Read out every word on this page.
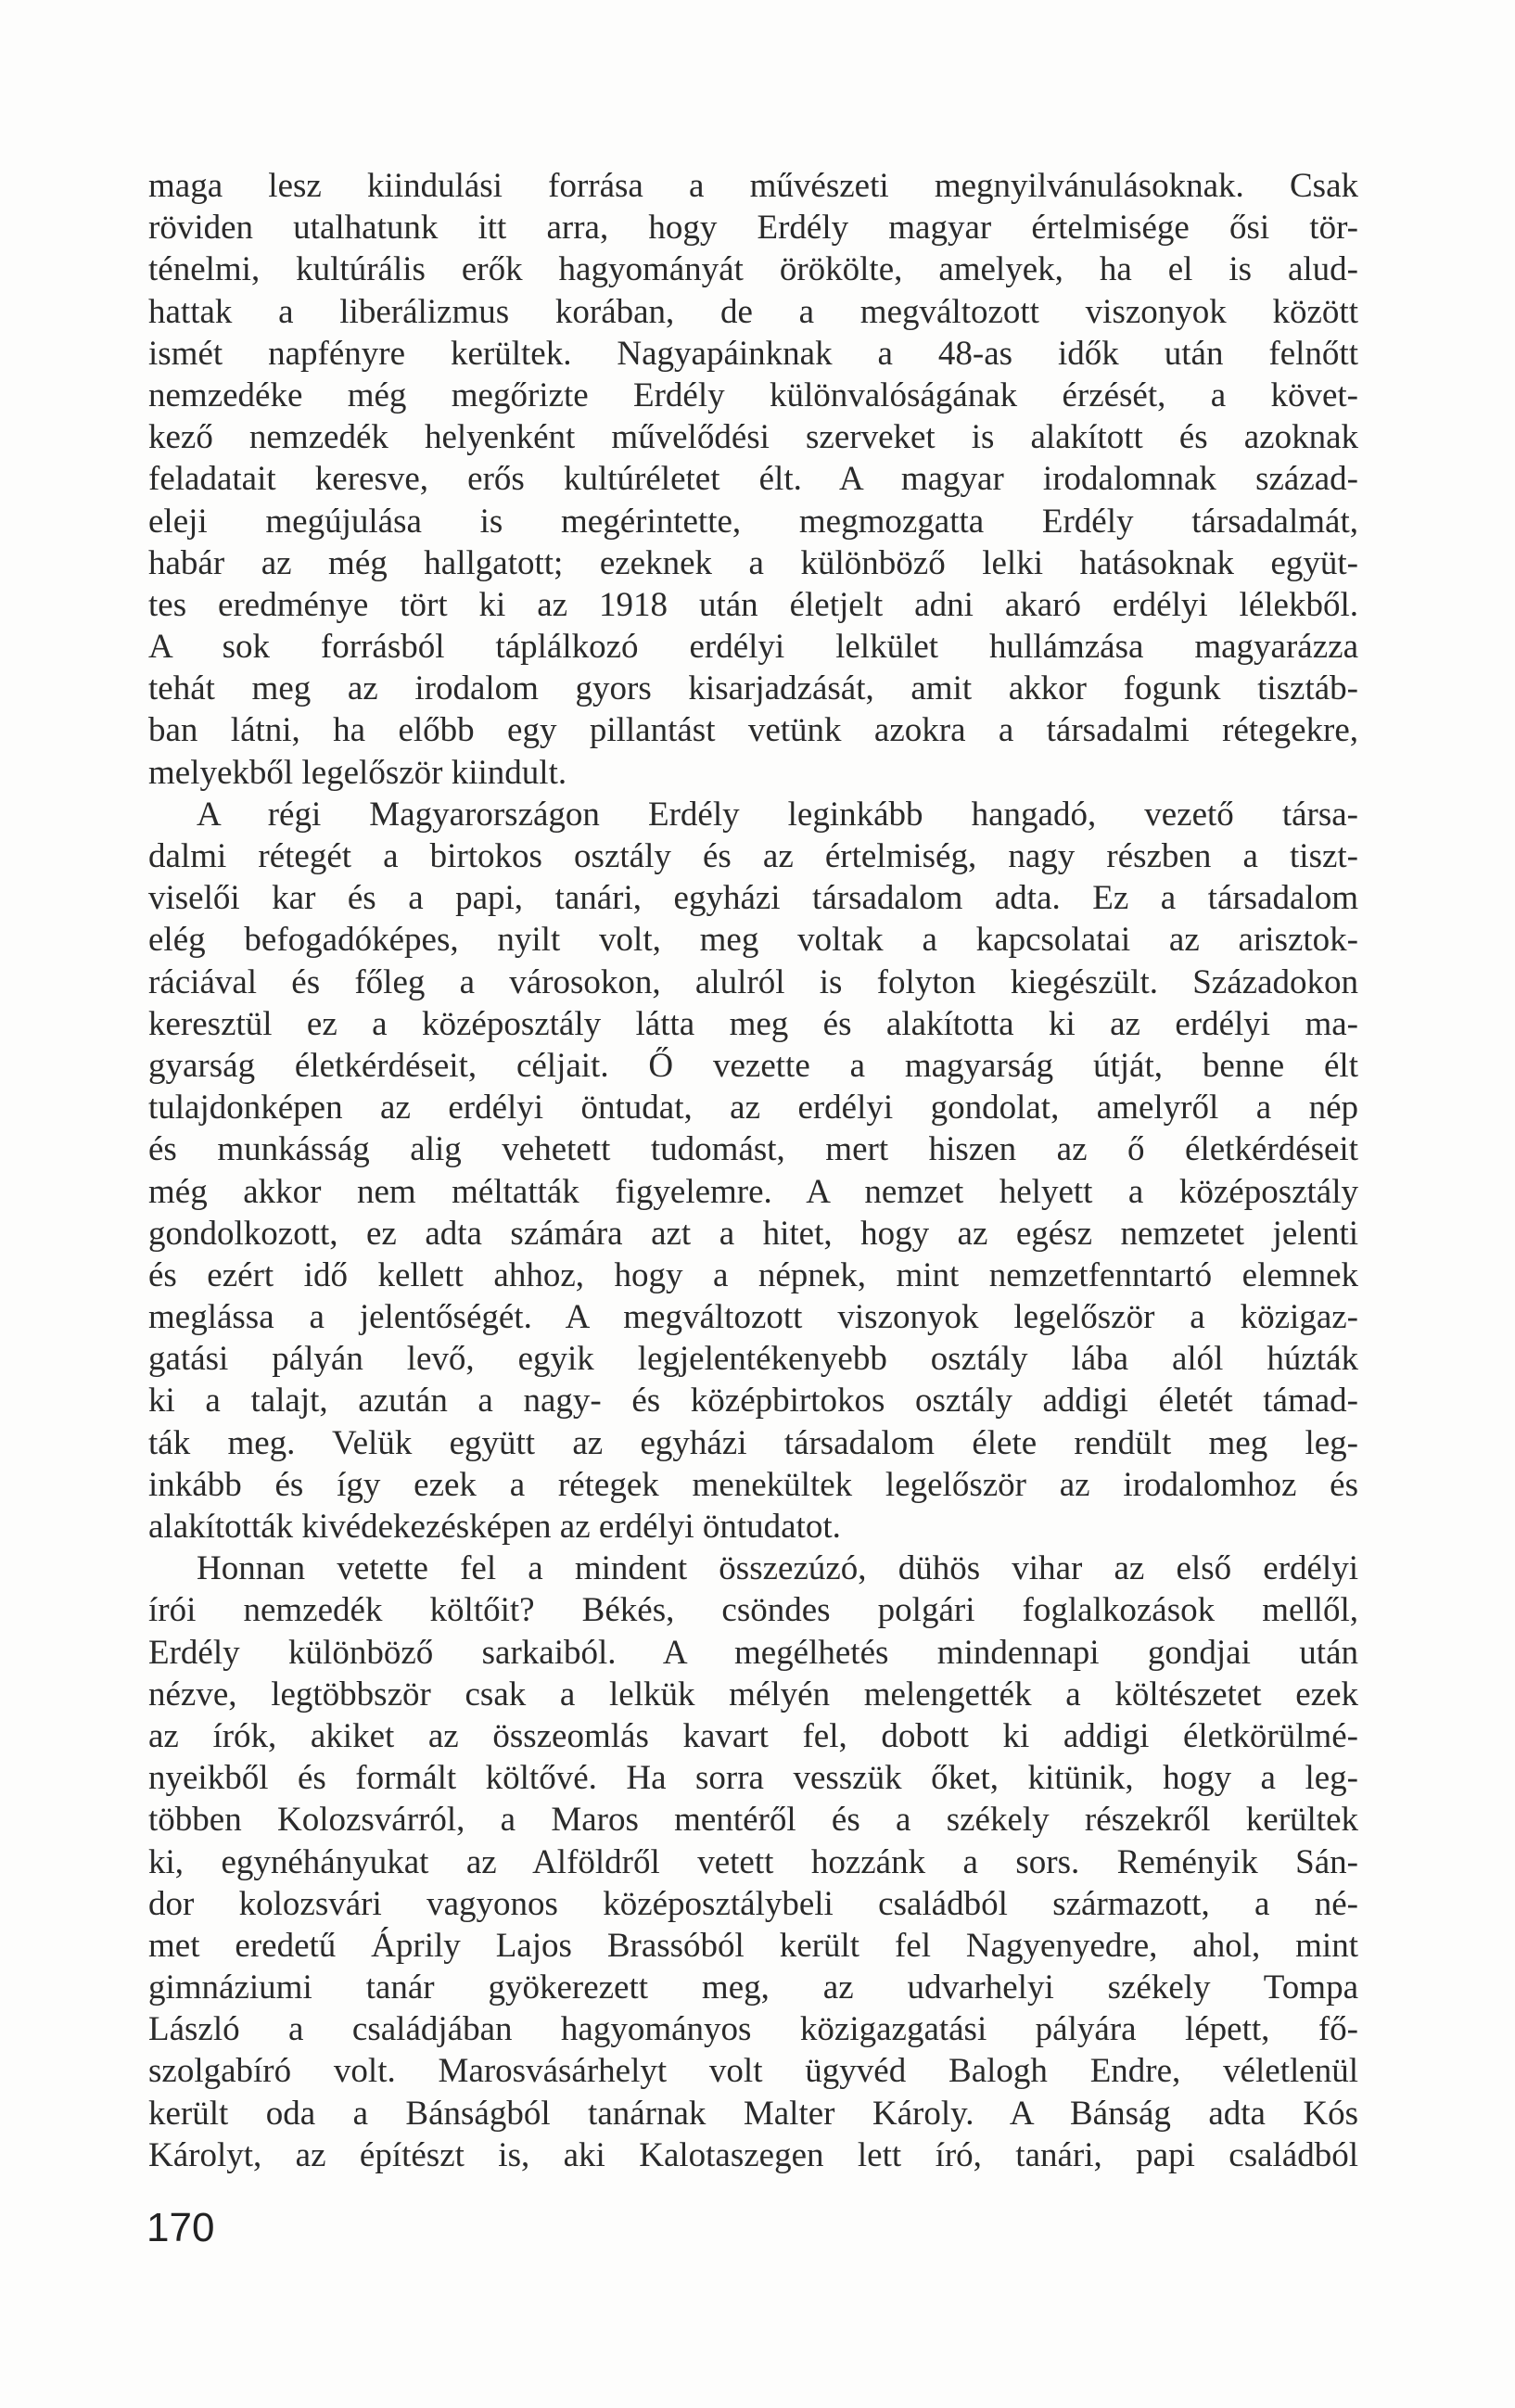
maga lesz kiindulási forrása a művészeti megnyilvánulásoknak. Csak
röviden utalhatunk itt arra, hogy Erdély magyar értelmisége ősi tör-
ténelmi, kultúrális erők hagyományát örökölte, amelyek, ha el is alud-
hattak a liberálizmus korában, de a megváltozott viszonyok között
ismét napfényre kerültek. Nagyapáinknak a 48-as idők után felnőtt
nemzedéke még megőrizte Erdély különvalóságának érzését, a követ-
kező nemzedék helyenként művelődési szerveket is alakított és azoknak
feladatait keresve, erős kultúréletet élt. A magyar irodalomnak század-
eleji megújulása is megérintette, megmozgatta Erdély társadalmát,
habár az még hallgatott; ezeknek a különböző lelki hatásoknak együt-
tes eredménye tört ki az 1918 után életjelt adni akaró erdélyi lélekből.
A sok forrásból táplálkozó erdélyi lelkület hullámzása magyarázza
tehát meg az irodalom gyors kisarjadzását, amit akkor fogunk tisztáb-
ban látni, ha előbb egy pillantást vetünk azokra a társadalmi rétegekre,
melyekből legelőször kiindult.
A régi Magyarországon Erdély leginkább hangadó, vezető társa-
dalmi rétegét a birtokos osztály és az értelmiség, nagy részben a tiszt-
viselői kar és a papi, tanári, egyházi társadalom adta. Ez a társadalom
elég befogadóképes, nyilt volt, meg voltak a kapcsolatai az arisztok-
ráciával és főleg a városokon, alulról is folyton kiegészült. Századokon
keresztül ez a középosztály látta meg és alakította ki az erdélyi ma-
gyarság életkérdéseit, céljait. Ő vezette a magyarság útját, benne élt
tulajdonképen az erdélyi öntudat, az erdélyi gondolat, amelyről a nép
és munkásság alig vehetett tudomást, mert hiszen az ő életkérdéseit
még akkor nem méltatták figyelemre. A nemzet helyett a középosztály
gondolkozott, ez adta számára azt a hitet, hogy az egész nemzetet jelenti
és ezért idő kellett ahhoz, hogy a népnek, mint nemzetfenntartó elemnek
meglássa a jelentőségét. A megváltozott viszonyok legelőször a közigaz-
gatási pályán levő, egyik legjelentékenyebb osztály lába alól húzták
ki a talajt, azután a nagy- és középbirtokos osztály addigi életét támad-
ták meg. Velük együtt az egyházi társadalom élete rendült meg leg-
inkább és így ezek a rétegek menekültek legelőször az irodalomhoz és
alakították kivédekezésképen az erdélyi öntudatot.
Honnan vetette fel a mindent összezúzó, dühös vihar az első erdélyi
írói nemzedék költőit? Békés, csöndes polgári foglalkozások mellől,
Erdély különböző sarkaiból. A megélhetés mindennapi gondjai után
nézve, legtöbbször csak a lelkük mélyén melengették a költészetet ezek
az írók, akiket az összeomlás kavart fel, dobott ki addigi életkörülmé-
nyeikből és formált költővé. Ha sorra vesszük őket, kitünik, hogy a leg-
többen Kolozsvárról, a Maros mentéről és a székely részekről kerültek
ki, egynéhányukat az Alföldről vetett hozzánk a sors. Reményik Sán-
dor kolozsvári vagyonos középosztálybeli családból származott, a né-
met eredetű Áprily Lajos Brassóból került fel Nagyenyedre, ahol, mint
gimnáziumi tanár gyökerezett meg, az udvarhelyi székely Tompa
László a családjában hagyományos közigazgatási pályára lépett, fő-
szolgabíró volt. Marosvásárhelyt volt ügyvéd Balogh Endre, véletlenül
került oda a Bánságból tanárnak Malter Károly. A Bánság adta Kós
Károlyt, az építészt is, aki Kalotaszegen lett író, tanári, papi családból
170
